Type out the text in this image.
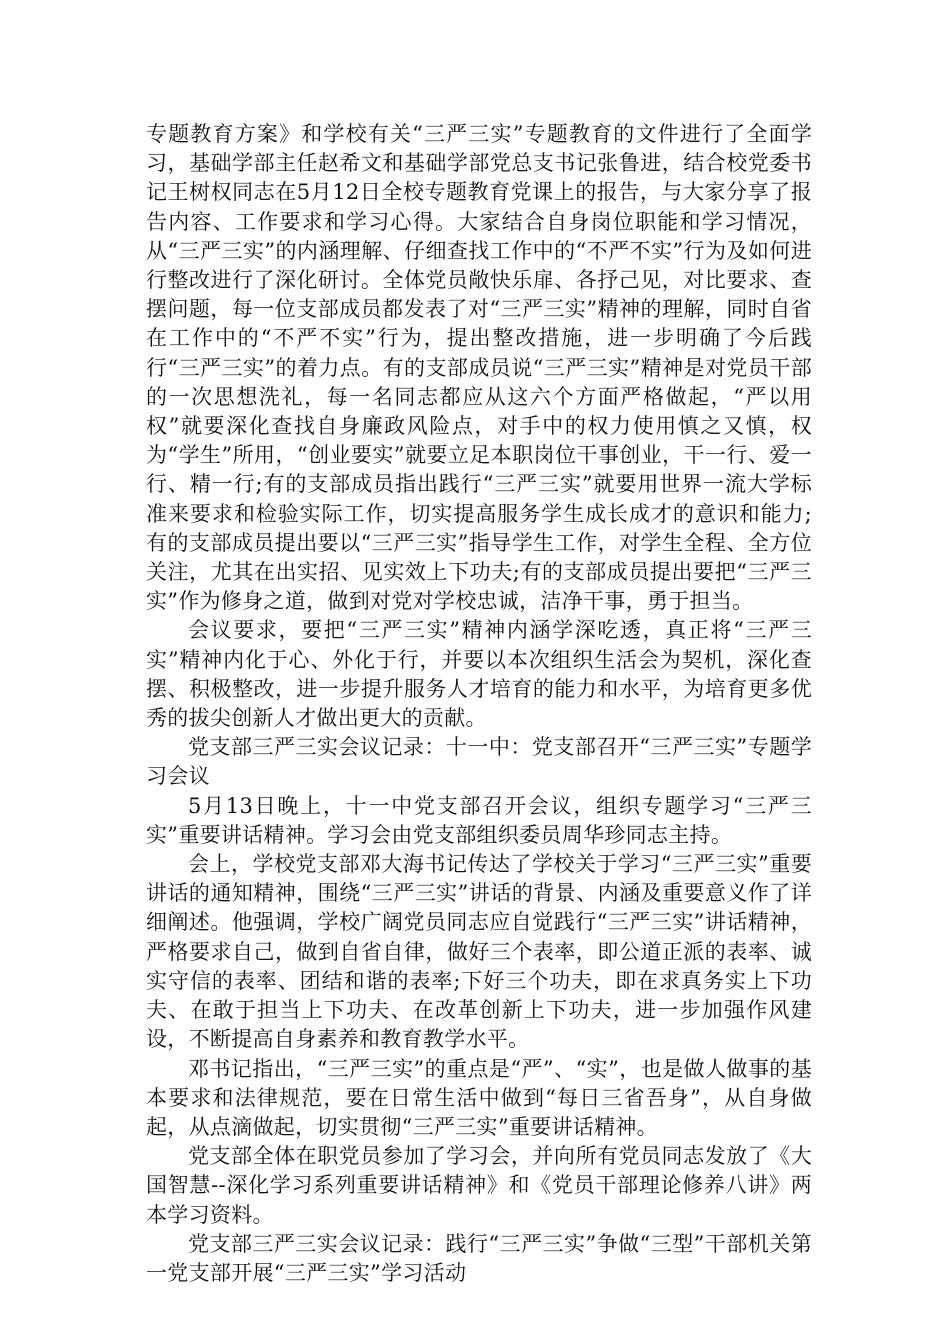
专题教育方案》和学校有关“三严三实”专题教育的文件进行了全面学习，基础学部主任赵希文和基础学部党总支书记张鲁进，结合校党委书记王树权同志在5月12日全校专题教育党课上的报告，与大家分享了报告内容、工作要求和学习心得。大家结合自身岗位职能和学习情况，从“三严三实”的内涵理解、仔细查找工作中的“不严不实”行为及如何进行整改进行了深化研讨。全体党员敞快乐扉、各抒己见，对比要求、查摆问题，每一位支部成员都发表了对“三严三实”精神的理解，同时自省在工作中的“不严不实”行为，提出整改措施，进一步明确了今后践行“三严三实”的着力点。有的支部成员说“三严三实”精神是对党员干部的一次思想洗礼，每一名同志都应从这六个方面严格做起，“严以用权”就要深化查找自身廉政风险点，对手中的权力使用慎之又慎，权为“学生”所用，“创业要实”就要立足本职岗位干事创业，干一行、爱一行、精一行;有的支部成员指出践行“三严三实”就要用世界一流大学标准来要求和检验实际工作，切实提高服务学生成长成才的意识和能力;有的支部成员提出要以“三严三实”指导学生工作，对学生全程、全方位关注，尤其在出实招、见实效上下功夫;有的支部成员提出要把“三严三实”作为修身之道，做到对党对学校忠诚，洁净干事，勇于担当。

会议要求，要把“三严三实”精神内涵学深吃透，真正将“三严三实”精神内化于心、外化于行，并要以本次组织生活会为契机，深化查摆、积极整改，进一步提升服务人才培育的能力和水平，为培育更多优秀的拔尖创新人才做出更大的贡献。

党支部三严三实会议记录：十一中：党支部召开“三严三实”专题学习会议

5月13日晚上，十一中党支部召开会议，组织专题学习“三严三实”重要讲话精神。学习会由党支部组织委员周华珍同志主持。

会上，学校党支部邓大海书记传达了学校关于学习“三严三实”重要讲话的通知精神，围绕“三严三实”讲话的背景、内涵及重要意义作了详细阐述。他强调，学校广阔党员同志应自觉践行“三严三实”讲话精神，严格要求自己，做到自省自律，做好三个表率，即公道正派的表率、诚实守信的表率、团结和谐的表率;下好三个功夫，即在求真务实上下功夫、在敢于担当上下功夫、在改革创新上下功夫，进一步加强作风建设，不断提高自身素养和教育教学水平。

邓书记指出，“三严三实”的重点是“严”、“实”，也是做人做事的基本要求和法律规范，要在日常生活中做到“每日三省吾身”，从自身做起，从点滴做起，切实贯彻“三严三实”重要讲话精神。

党支部全体在职党员参加了学习会，并向所有党员同志发放了《大国智慧--深化学习系列重要讲话精神》和《党员干部理论修养八讲》两本学习资料。

党支部三严三实会议记录：践行“三严三实”争做“三型”干部机关第一党支部开展“三严三实”学习活动
